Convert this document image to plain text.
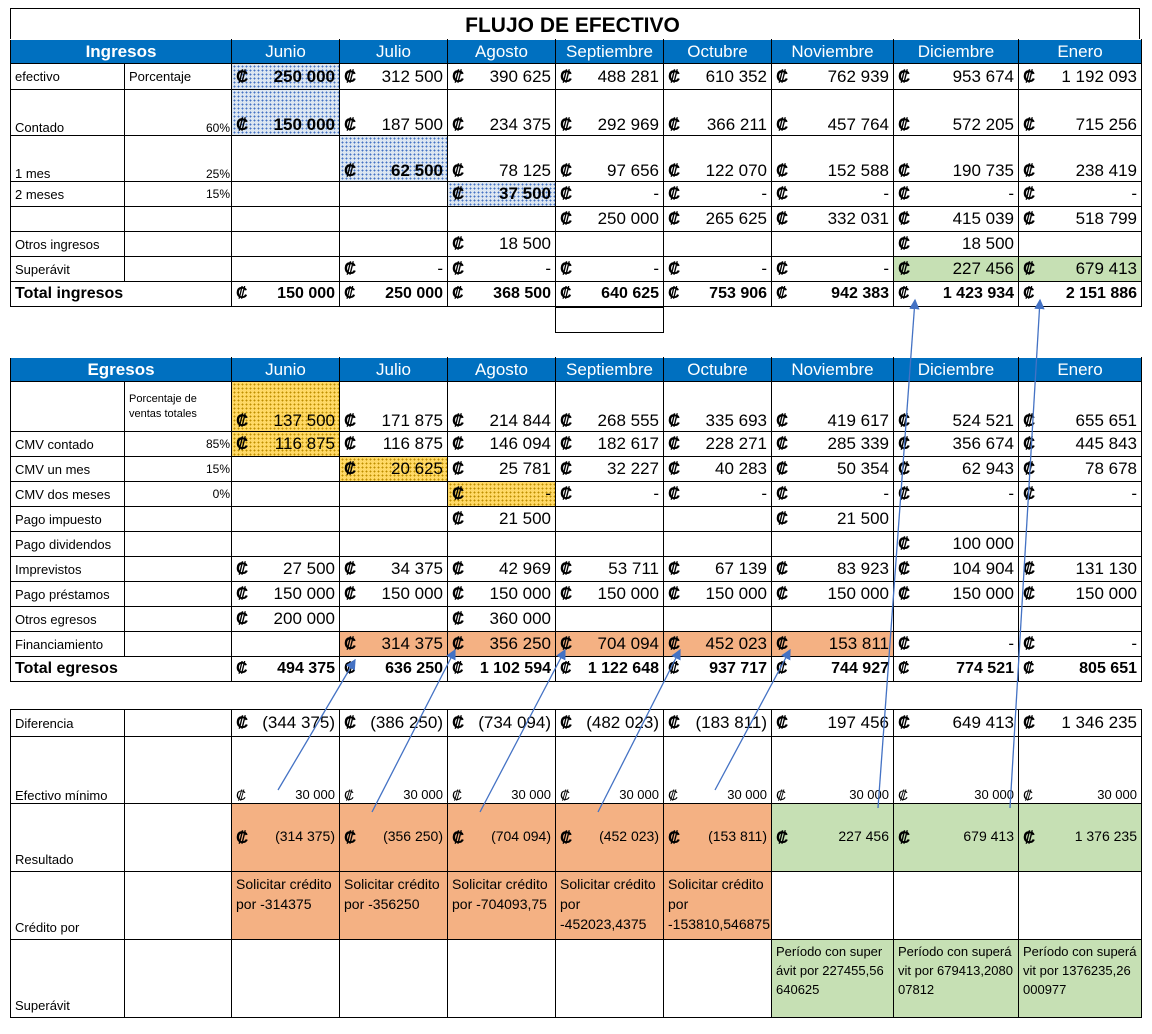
FLUJO DE EFECTIVO
Ingresos		Junio	Julio	Agosto	Septiembre	Octubre	Noviembre	Diciembre	Enero
efectivo	Porcentaje	₡ 250 000	₡ 312 500	₡ 390 625	₡ 488 281	₡ 610 352	₡ 762 939	₡ 953 674	₡ 1 192 093

Contado	60%	₡ 150 000	₡ 187 500	₡ 234 375	₡ 292 969	₡ 366 211	₡ 457 764	₡ 572 205	₡ 715 256

1 mes	25%		₡ 62 500	₡ 78 125	₡ 97 656	₡ 122 070	₡ 152 588	₡ 190 735	₡ 238 419

2 meses	15%			₡ 37 500	₡ -	₡ -	₡ -	₡ -	₡ -

					₡ 250 000	₡ 265 625	₡ 332 031	₡ 415 039	₡ 518 799

Otros ingresos				₡ 18 500				₡ 18 500	

Superávit			₡ -	₡ -	₡ -	₡ -	₡ -	₡ 227 456	₡ 679 413

Total ingresos		₡ 150 000	₡ 250 000	₡ 368 500	₡ 640 625	₡ 753 906	₡ 942 383	₡ 1 423 934	₡ 2 151 886
Egresos		Junio	Julio	Agosto	Septiembre	Octubre	Noviembre	Diciembre	Enero
	Porcentaje de ventas totales	₡ 137 500	₡ 171 875	₡ 214 844	₡ 268 555	₡ 335 693	₡ 419 617	₡ 524 521	₡ 655 651

CMV contado	85%	₡ 116 875	₡ 116 875	₡ 146 094	₡ 182 617	₡ 228 271	₡ 285 339	₡ 356 674	₡ 445 843

CMV un mes	15%		₡ 20 625	₡ 25 781	₡ 32 227	₡ 40 283	₡ 50 354	₡ 62 943	₡ 78 678

CMV dos meses	0%			₡ -	₡ -	₡ -	₡ -	₡ -	₡ -

Pago impuesto				₡ 21 500			₡ 21 500		

Pago dividendos								₡ 100 000	

Imprevistos		₡ 27 500	₡ 34 375	₡ 42 969	₡ 53 711	₡ 67 139	₡ 83 923	₡ 104 904	₡ 131 130

Pago préstamos		₡ 150 000	₡ 150 000	₡ 150 000	₡ 150 000	₡ 150 000	₡ 150 000	₡ 150 000	₡ 150 000

Otros egresos		₡ 200 000		₡ 360 000					

Financiamiento			₡ 314 375	₡ 356 250	₡ 704 094	₡ 452 023	₡ 153 811	₡ -	₡ -

Total egresos		₡ 494 375	₡ 636 250	₡ 1 102 594	₡ 1 122 648	₡ 937 717	₡ 744 927	₡ 774 521	₡ 805 651
Diferencia		₡ (344 375)	₡ (386 250)	₡ (734 094)	₡ (482 023)	₡ (183 811)	₡ 197 456	₡ 649 413	₡ 1 346 235

Efectivo mínimo		₡ 30 000	₡ 30 000	₡ 30 000	₡ 30 000	₡ 30 000	₡ 30 000	₡ 30 000	₡ 30 000

Resultado		₡ (314 375)	₡ (356 250)	₡ (704 094)	₡ (452 023)	₡ (153 811)	₡ 227 456	₡ 679 413	₡ 1 376 235

Crédito por		Solicitar crédito por -314375	Solicitar crédito por -356250	Solicitar crédito por -704093,75	Solicitar crédito por -452023,4375	Solicitar crédito por -153810,546875			
Superávit							Período con superávit por 227455,56640625	Período con superávit por 679413,208007812	Período con superávit por 1376235,26000977
